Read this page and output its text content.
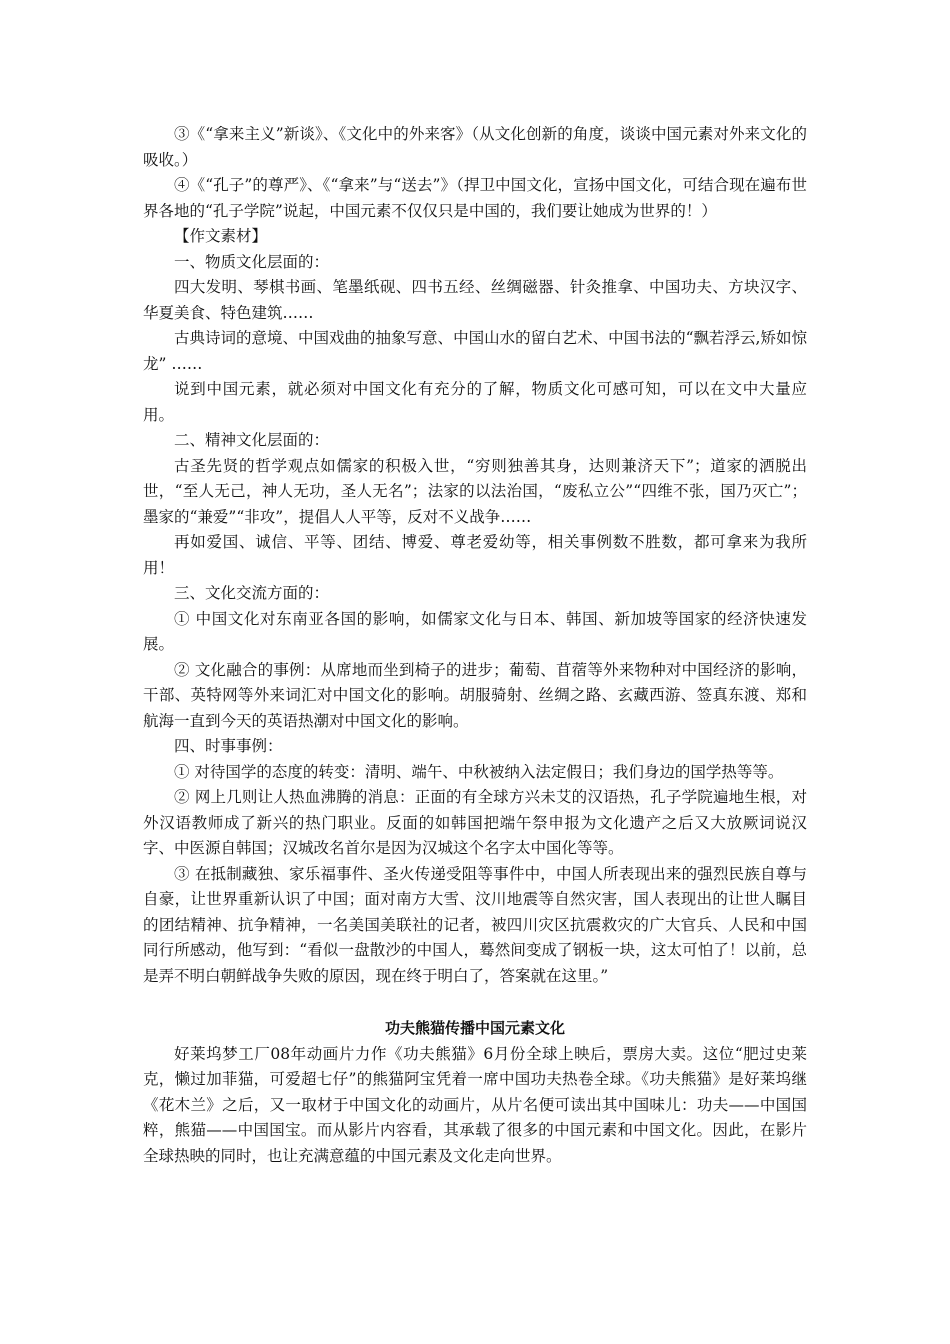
③《“拿来主义”新谈》、《文化中的外来客》（从文化创新的角度，谈谈中国元素对外来文化的吸收。）

④《“孔子”的尊严》、《“拿来”与“送去”》（捍卫中国文化，宣扬中国文化，可结合现在遍布世界各地的“孔子学院”说起，中国元素不仅仅只是中国的，我们要让她成为世界的！）

【作文素材】

一、物质文化层面的：

四大发明、琴棋书画、笔墨纸砚、四书五经、丝绸磁器、针灸推拿、中国功夫、方块汉字、华夏美食、特色建筑……

古典诗词的意境、中国戏曲的抽象写意、中国山水的留白艺术、中国书法的“飘若浮云,矫如惊龙” ……

说到中国元素，就必须对中国文化有充分的了解，物质文化可感可知，可以在文中大量应用。

二、精神文化层面的：

古圣先贤的哲学观点如儒家的积极入世，“穷则独善其身，达则兼济天下”；道家的洒脱出世，“至人无己，神人无功，圣人无名”；法家的以法治国，“废私立公”“四维不张，国乃灭亡”；墨家的“兼爱”“非攻”，提倡人人平等，反对不义战争……

再如爱国、诚信、平等、团结、博爱、尊老爱幼等，相关事例数不胜数，都可拿来为我所用！

三、文化交流方面的：

① 中国文化对东南亚各国的影响，如儒家文化与日本、韩国、新加坡等国家的经济快速发展。

② 文化融合的事例：从席地而坐到椅子的进步；葡萄、苜蓿等外来物种对中国经济的影响，干部、英特网等外来词汇对中国文化的影响。胡服骑射、丝绸之路、玄藏西游、签真东渡、郑和航海一直到今天的英语热潮对中国文化的影响。

四、时事事例：

① 对待国学的态度的转变：清明、端午、中秋被纳入法定假日；我们身边的国学热等等。

② 网上几则让人热血沸腾的消息：正面的有全球方兴未艾的汉语热，孔子学院遍地生根，对外汉语教师成了新兴的热门职业。反面的如韩国把端午祭申报为文化遗产之后又大放厥词说汉字、中医源自韩国；汉城改名首尔是因为汉城这个名字太中国化等等。

③ 在抵制藏独、家乐福事件、圣火传递受阻等事件中，中国人所表现出来的强烈民族自尊与自豪，让世界重新认识了中国；面对南方大雪、汶川地震等自然灾害，国人表现出的让世人瞩目的团结精神、抗争精神，一名美国美联社的记者，被四川灾区抗震救灾的广大官兵、人民和中国同行所感动，他写到：“看似一盘散沙的中国人，蓦然间变成了钢板一块，这太可怕了！以前，总是弄不明白朝鲜战争失败的原因，现在终于明白了，答案就在这里。”

功夫熊猫传播中国元素文化

好莱坞梦工厂08年动画片力作《功夫熊猫》6月份全球上映后，票房大卖。这位“肥过史莱克，懒过加菲猫，可爱超七仔”的熊猫阿宝凭着一席中国功夫热卷全球。《功夫熊猫》是好莱坞继《花木兰》之后，又一取材于中国文化的动画片，从片名便可读出其中国味儿：功夫——中国国粹，熊猫——中国国宝。而从影片内容看，其承载了很多的中国元素和中国文化。因此，在影片全球热映的同时，也让充满意蕴的中国元素及文化走向世界。
